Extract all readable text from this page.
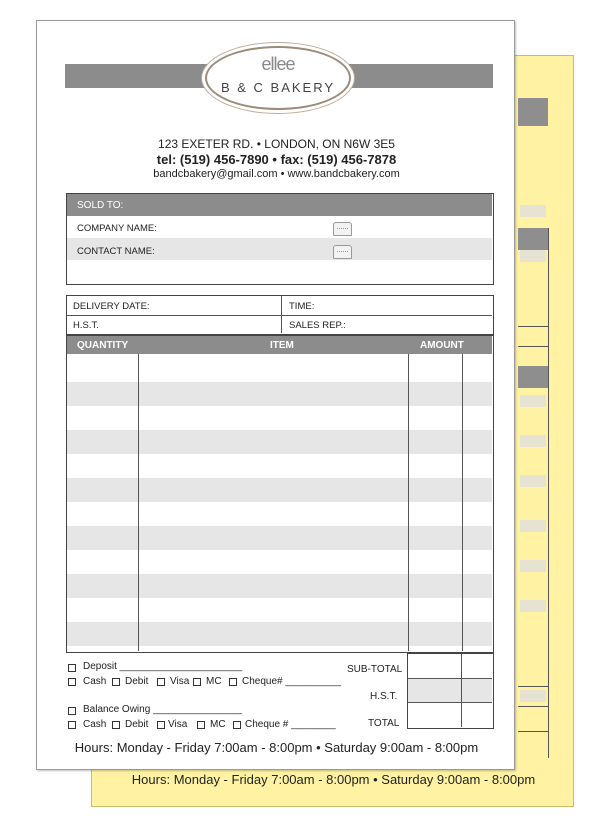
Hours: Monday - Friday 7:00am - 8:00pm • Saturday 9:00am - 8:00pm
ellee
B & C BAKERY
123 EXETER RD. • LONDON, ON N6W 3E5
tel: (519) 456-7890 • fax: (519) 456-7878
bandcbakery@gmail.com • www.bandcbakery.com
SOLD TO:
COMPANY NAME:
CONTACT NAME:
DELIVERY DATE:	TIME:
H.S.T.	SALES REP.:
QUANTITY	ITEM	AMOUNT
Deposit ______________________
Cash Debit Visa MC Cheque# __________
Balance Owing ________________
Cash Debit Visa MC Cheque # ________
SUB-TOTAL
H.S.T.
TOTAL
Hours: Monday - Friday 7:00am - 8:00pm • Saturday 9:00am - 8:00pm
